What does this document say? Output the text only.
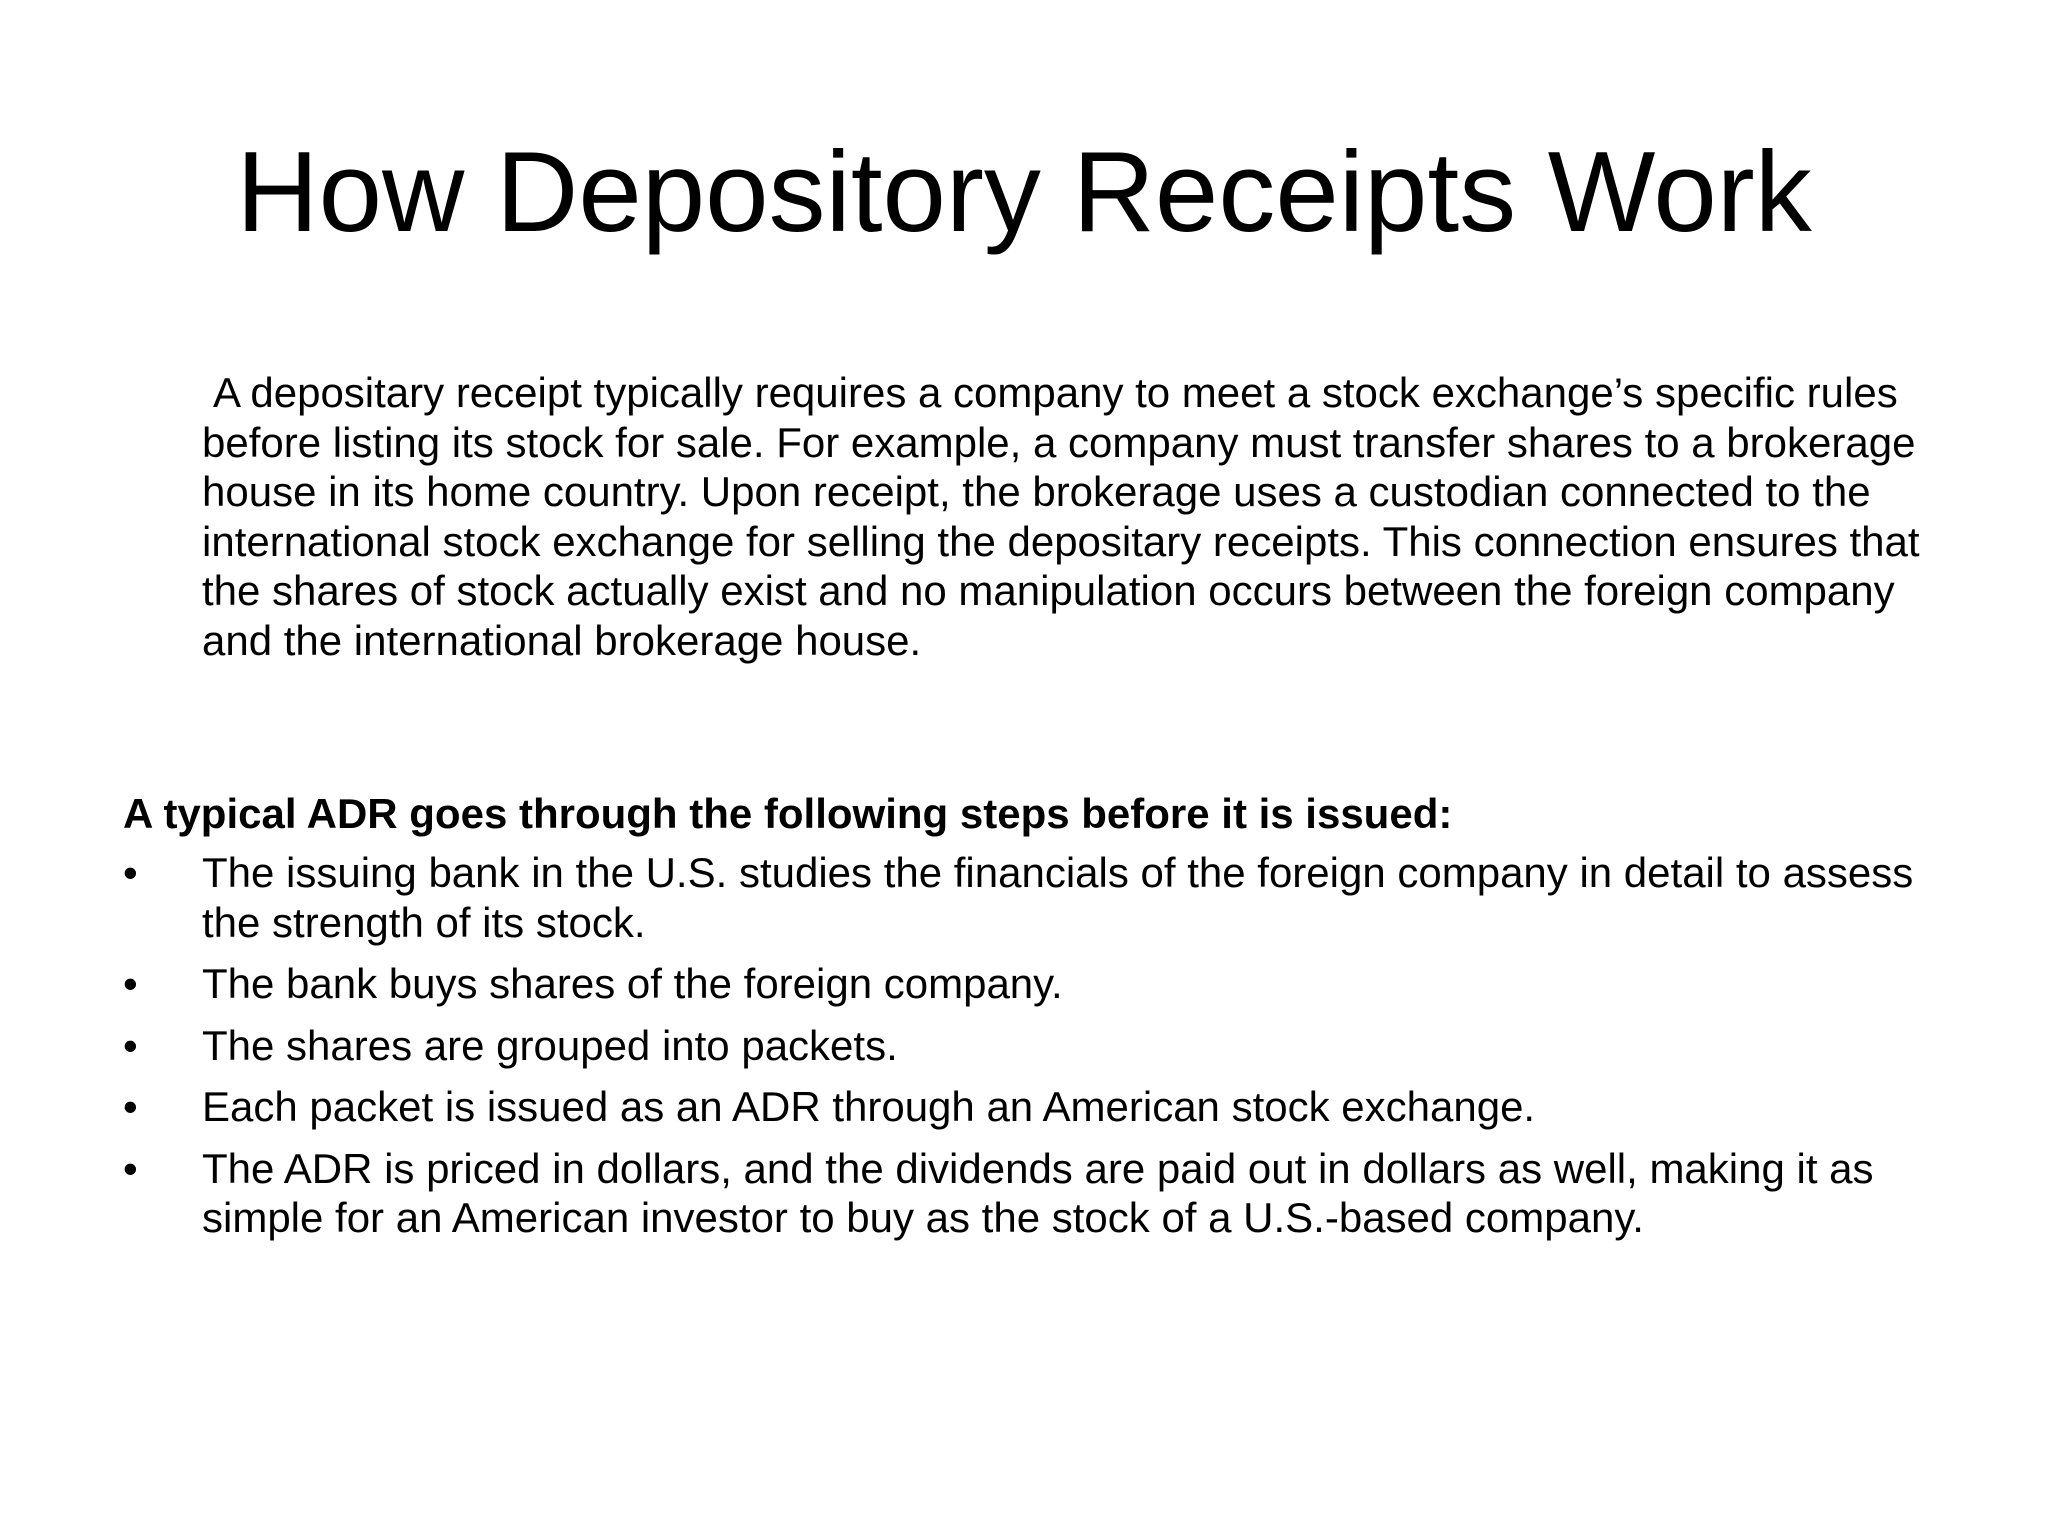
How Depository Receipts Work

A depositary receipt typically requires a company to meet a stock exchange’s specific rules before listing its stock for sale. For example, a company must transfer shares to a brokerage house in its home country. Upon receipt, the brokerage uses a custodian connected to the international stock exchange for selling the depositary receipts. This connection ensures that the shares of stock actually exist and no manipulation occurs between the foreign company and the international brokerage house.

A typical ADR goes through the following steps before it is issued:

•	The issuing bank in the U.S. studies the financials of the foreign company in detail to assess the strength of its stock.
•	The bank buys shares of the foreign company.
•	The shares are grouped into packets.
•	Each packet is issued as an ADR through an American stock exchange.
•	The ADR is priced in dollars, and the dividends are paid out in dollars as well, making it as simple for an American investor to buy as the stock of a U.S.-based company.
